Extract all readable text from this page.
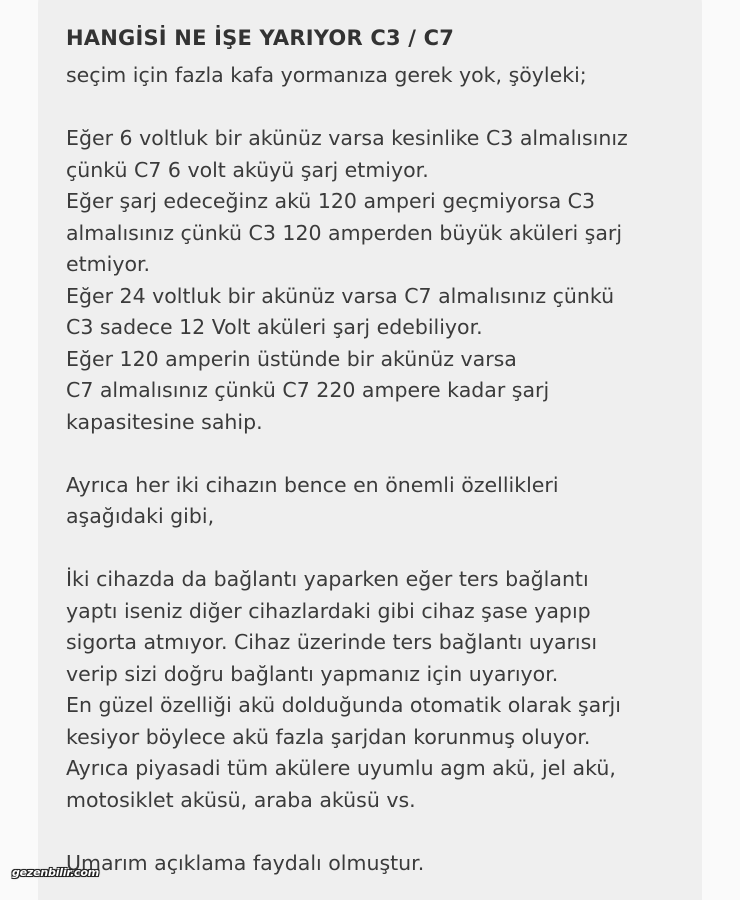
HANGİSİ NE İŞE YARIYOR C3 / C7
seçim için fazla kafa yormanıza gerek yok, şöyleki;
Eğer 6 voltluk bir akünüz varsa kesinlike C3 almalısınız
çünkü C7 6 volt aküyü şarj etmiyor.
Eğer şarj edeceğinz akü 120 amperi geçmiyorsa C3
almalısınız çünkü C3 120 amperden büyük aküleri şarj
etmiyor.
Eğer 24 voltluk bir akünüz varsa C7 almalısınız çünkü
C3 sadece 12 Volt aküleri şarj edebiliyor.
Eğer 120 amperin üstünde bir akünüz varsa
C7 almalısınız çünkü C7 220 ampere kadar şarj
kapasitesine sahip.
Ayrıca her iki cihazın bence en önemli özellikleri
aşağıdaki gibi,
İki cihazda da bağlantı yaparken eğer ters bağlantı
yaptı iseniz diğer cihazlardaki gibi cihaz şase yapıp
sigorta atmıyor. Cihaz üzerinde ters bağlantı uyarısı
verip sizi doğru bağlantı yapmanız için uyarıyor.
En güzel özelliği akü dolduğunda otomatik olarak şarjı
kesiyor böylece akü fazla şarjdan korunmuş oluyor.
Ayrıca piyasadi tüm akülere uyumlu agm akü, jel akü,
motosiklet aküsü, araba aküsü vs.
Umarım açıklama faydalı olmuştur.
gezenbilir.com
